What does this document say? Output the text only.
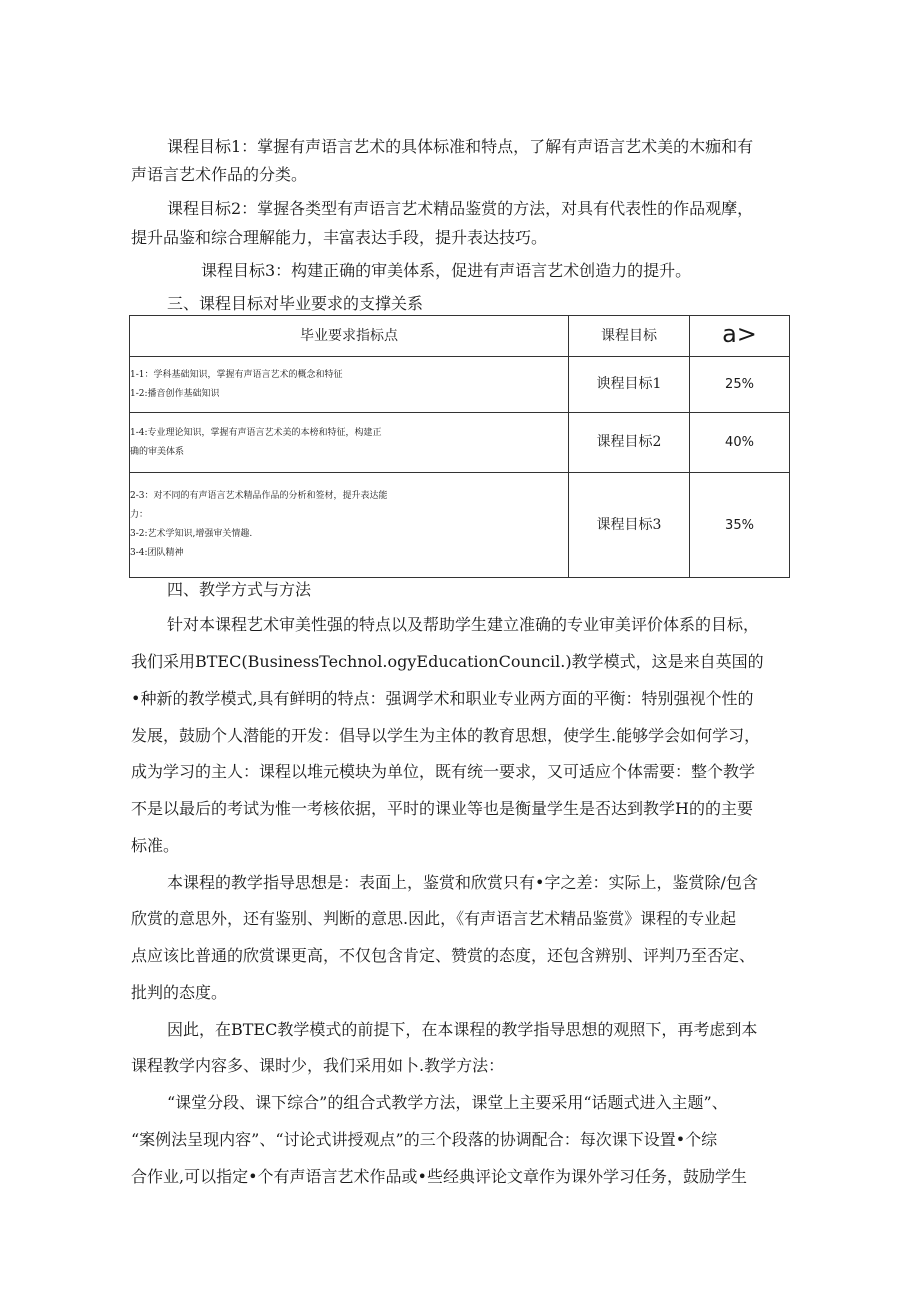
课程目标1：掌握有声语言艺术的具体标准和特点，了解有声语言艺术美的木痂和有
声语言艺术作品的分类。
课程目标2：掌握各类型有声语言艺术精品鉴赏的方法，对具有代表性的作品观摩，
提升品鉴和综合理解能力，丰富表达手段，提升表达技巧。
课程目标3：构建正确的审美体系，促进有声语言艺术创造力的提升。
三、课程目标对毕业要求的支撑关系
毕业要求指标点	课程目标	a>

1-1：学科基础知识，掌握有声语言艺术的概念和特征
1-2:播音创作基础知识	谀程目标1	25%

1-4:专业理论知识，掌握有声语言艺术美的本榜和特征，构建正
确的审美体系	课程目标2	40%

2-3：对不同的有声语言艺术精品作品的分析和签材，提升表达能
力：
3-2:艺术学知识,增强审关情趣.
3-4:团队精神	课程目标3	35%
四、教学方式与方法
针对本课程艺术审美性强的特点以及帮助学生建立准确的专业审美评价体系的目标，
我们采用BTEC(BusinessTechnol.ogyEducationCouncil.)教学模式，这是来自英国的
•种新的教学模式,具有鲜明的特点：强调学术和职业专业两方面的平衡：特别强视个性的
发展，鼓励个人潜能的开发：倡导以学生为主体的教育思想，使学生.能够学会如何学习，
成为学习的主人：课程以堆元模块为单位，既有统一要求，又可适应个体需要：整个教学
不是以最后的考试为惟一考核依据，平时的课业等也是衡量学生是否达到教学H的的主要
标准。
本课程的教学指导思想是：表面上，鉴赏和欣赏只有•字之差：实际上，鉴赏除/包含
欣赏的意思外，还有鉴别、判断的意思.因此，《有声语言艺术精品鉴赏》课程的专业起
点应该比普通的欣赏课更高，不仅包含肯定、赞赏的态度，还包含辨别、评判乃至否定、
批判的态度。
因此，在BTEC教学模式的前提下，在本课程的教学指导思想的观照下，再考虑到本
课程教学内容多、课时少，我们采用如卜.教学方法：
“课堂分段、课下综合”的组合式教学方法，课堂上主要采用“话题式进入主题”、
“案例法呈现内容”、“讨论式讲授观点”的三个段落的协调配合：每次课下设置•个综
合作业,可以指定•个有声语言艺术作品或•些经典评论文章作为课外学习任务，鼓励学生
